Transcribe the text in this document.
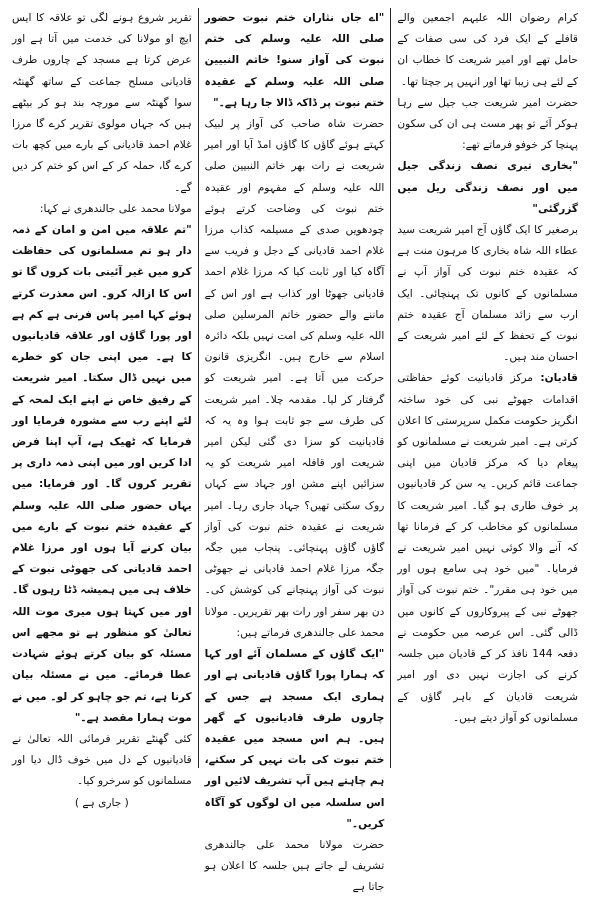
کرام رضوان اللہ علیہم اجمعین والے قافلے کے ایک فرد کی سی صفات کے حامل تھے اور امیر شریعت کا خطاب ان کے لئے ہی زیبا تھا اور انہیں پر جچتا تھا۔

حضرت امیر شریعت جب جیل سے رہا ہوکر آئے تو پھر مست ہی ان کی سکون پہنچا کر خوفو فرماتے تھے:

"بخاری تیری نصف زندگی جیل میں اور نصف زندگی ریل میں گزرگئی"

برصغیر کا ایک گاؤں آج امیر شریعت سید عطاء اللہ شاہ بخاری کا مرہون منت ہے کہ عقیدہ ختم نبوت کی آواز آپ نے مسلمانوں کے کانوں تک پہنچائی۔ ایک ارب سے زائد مسلمان آج عقیدہ ختم نبوت کے تحفظ کے لئے امیر شریعت کے احسان مند ہیں۔

قادیان: مرکز قادیانیت کوئے حفاظتی اقدامات جھوٹے نبی کی خود ساختہ انگریز حکومت مکمل سرپرستی کا اعلان کرتی ہے۔ امیر شریعت نے مسلمانوں کو پیغام دیا کہ مرکز قادیان میں اپنی جماعت قائم کریں۔ یہ سن کر قادیانیوں پر خوف طاری ہو گیا۔ امیر شریعت کا مسلمانوں کو مخاطب کر کے فرمانا تھا کہ آنے والا کوئی نہیں امیر شریعت نے فرمایا۔ "میں خود ہی سامع ہوں اور میں خود ہی مقرر"۔ ختم نبوت کی آواز جھوٹے نبی کے پیروکاروں کے کانوں میں ڈالی گئی۔ اس عرصہ میں حکومت نے دفعہ 144 نافذ کر کے قادیان میں جلسہ کرنے کی اجازت نہیں دی اور امیر شریعت قادیان کے باہر گاؤں کے مسلمانوں کو آواز دیتے ہیں۔

"اے جاں نثاران ختم نبوت حضور صلی اللہ علیہ وسلم کی ختم نبوت کی آواز سنو! خاتم النبیین صلی اللہ علیہ وسلم کے عقیدہ ختم نبوت پر ڈاکہ ڈالا جا رہا ہے۔"

حضرت شاہ صاحب کی آواز پر لبیک کہتے ہوئے گاؤں کا گاؤں امڈ آیا اور امیر شریعت نے رات بھر خاتم النبیین صلی اللہ علیہ وسلم کے مفہوم اور عقیدہ ختم نبوت کی وضاحت کرتے ہوئے چودھویں صدی کے مسیلمہ کذاب مرزا غلام احمد قادیانی کے دجل و فریب سے آگاہ کیا اور ثابت کیا کہ مرزا غلام احمد قادیانی جھوٹا اور کذاب ہے اور اس کے ماننے والے حضور خاتم المرسلین صلی اللہ علیہ وسلم کی امت نہیں بلکہ دائرہ اسلام سے خارج ہیں۔ انگریزی قانون حرکت میں آتا ہے۔ امیر شریعت کو گرفتار کر لیا۔ مقدمہ چلا۔ امیر شریعت کی طرف سے جو ثابت ہوا وہ یہ کہ قادیانیت کو سزا دی گئی لیکن امیر شریعت اور قافلہ امیر شریعت کو یہ سزائیں اپنے مشن اور جہاد سے کہاں روک سکتی تھیں؟ جہاد جاری رہا۔ امیر شریعت نے عقیدہ ختم نبوت کی آواز گاؤں گاؤں پہنچائی۔ پنجاب میں جگہ جگہ مرزا غلام احمد قادیانی نے جھوٹی نبوت کی آواز پہنچانے کی کوشش کی۔ دن بھر سفر اور رات بھر تقریریں۔ مولانا محمد علی جالندھری فرماتے ہیں:

"ایک گاؤں کے مسلمان آئے اور کہا کہ ہمارا پورا گاؤں قادیانی ہے اور ہماری ایک مسجد ہے جس کے چاروں طرف قادیانیوں کے گھر ہیں۔ ہم اس مسجد میں عقیدہ ختم نبوت کی بات نہیں کر سکتے، ہم چاہتے ہیں آپ تشریف لائیں اور اس سلسلہ میں ان لوگوں کو آگاہ کریں۔"

حضرت مولانا محمد علی جالندھری تشریف لے جاتے ہیں جلسہ کا اعلان ہو جاتا ہے

تقریر شروع ہونے لگی تو علاقہ کا ایس ایچ او مولانا کی خدمت میں آتا ہے اور عرض کرتا ہے مسجد کے چاروں طرف قادیانی مسلح جماعت کے ساتھ گھنٹہ سوا گھنٹہ سے مورچہ بند ہو کر بیٹھے ہیں کہ جہاں مولوی تقریر کرے گا مرزا غلام احمد قادیانی کے بارے میں کچھ بات کرے گا، حملہ کر کے اس کو ختم کر دیں گے۔

مولانا محمد علی جالندھری نے کہا:

"تم علاقہ میں امن و امان کے ذمہ دار ہو تم مسلمانوں کی حفاظت کرو میں غیر آئینی بات کروں گا تو اس کا ازالہ کرو۔ اس معذرت کرتے ہوئے کہا امیر پاس فرنی ہے کم ہے اور پورا گاؤں اور علاقہ قادیانیوں کا ہے۔ میں اپنی جان کو خطرے میں نہیں ڈال سکتا۔ امیر شریعت کے رفیق خاص نے اپنے ایک لمحہ کے لئے اپنے رب سے مشورہ فرمایا اور فرمایا کہ ٹھیک ہے، آپ اپنا فرض ادا کریں اور میں اپنی ذمہ داری پر تقریر کروں گا۔ اور فرمایا: میں یہاں حضور صلی اللہ علیہ وسلم کے عقیدہ ختم نبوت کے بارے میں بیان کرنے آیا ہوں اور مرزا غلام احمد قادیانی کی جھوٹی نبوت کے خلاف ہی میں ہمیشہ ڈٹا رہوں گا۔ اور میں کہتا ہوں میری موت اللہ تعالیٰ کو منظور ہے تو مجھے اس مسئلہ کو بیان کرتے ہوئے شہادت عطا فرمائے۔ میں نے مسئلہ بیان کرنا ہے، تم جو چاہو کر لو۔ میں نے موت ہمارا مقصد ہے۔"

کئی گھنٹے تقریر فرمائی اللہ تعالیٰ نے قادیانیوں کے دل میں خوف ڈال دیا اور مسلمانوں کو سرخرو کیا۔

( جاری ہے )
